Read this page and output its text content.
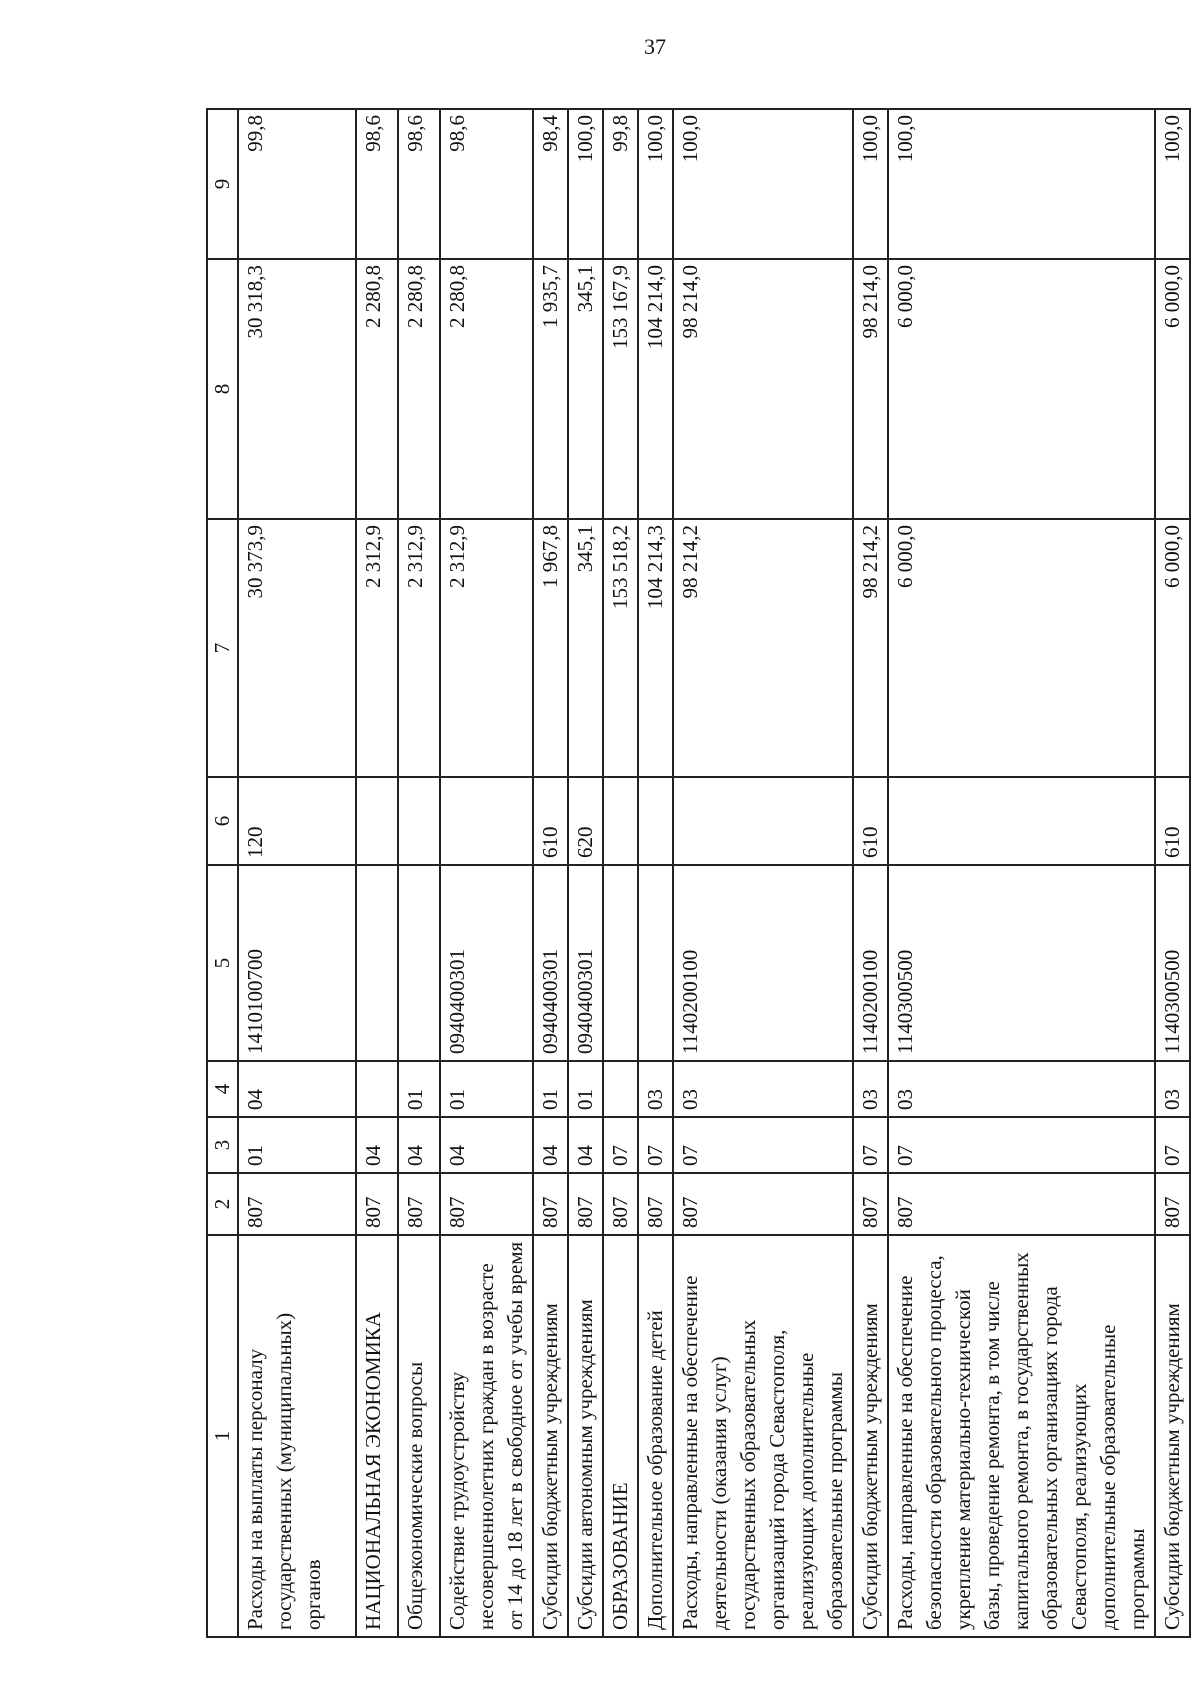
37
1	2	3	4	5	6	7	8	9
Расходы на выплаты персоналу государственных (муниципальных) органов	807	01	04	1410100700	120	30 373,9	30 318,3	99,8
НАЦИОНАЛЬНАЯ ЭКОНОМИКА	807	04				2 312,9	2 280,8	98,6
Общеэкономические вопросы	807	04	01			2 312,9	2 280,8	98,6
Содействие трудоустройству несовершеннолетних граждан в возрасте от 14 до 18 лет в свободное от учебы время	807	04	01	0940400301		2 312,9	2 280,8	98,6
Субсидии бюджетным учреждениям	807	04	01	0940400301	610	1 967,8	1 935,7	98,4
Субсидии автономным учреждениям	807	04	01	0940400301	620	345,1	345,1	100,0
ОБРАЗОВАНИЕ	807	07				153 518,2	153 167,9	99,8
Дополнительное образование детей	807	07	03			104 214,3	104 214,0	100,0
Расходы, направленные на обеспечение деятельности (оказания услуг) государственных образовательных организаций города Севастополя, реализующих дополнительные образовательные программы	807	07	03	1140200100		98 214,2	98 214,0	100,0
Субсидии бюджетным учреждениям	807	07	03	1140200100	610	98 214,2	98 214,0	100,0
Расходы, направленные на обеспечение безопасности образовательного процесса, укрепление материально-технической базы, проведение ремонта, в том числе капитального ремонта, в государственных образовательных организациях города Севастополя, реализующих дополнительные образовательные программы	807	07	03	1140300500		6 000,0	6 000,0	100,0
Субсидии бюджетным учреждениям	807	07	03	1140300500	610	6 000,0	6 000,0	100,0
